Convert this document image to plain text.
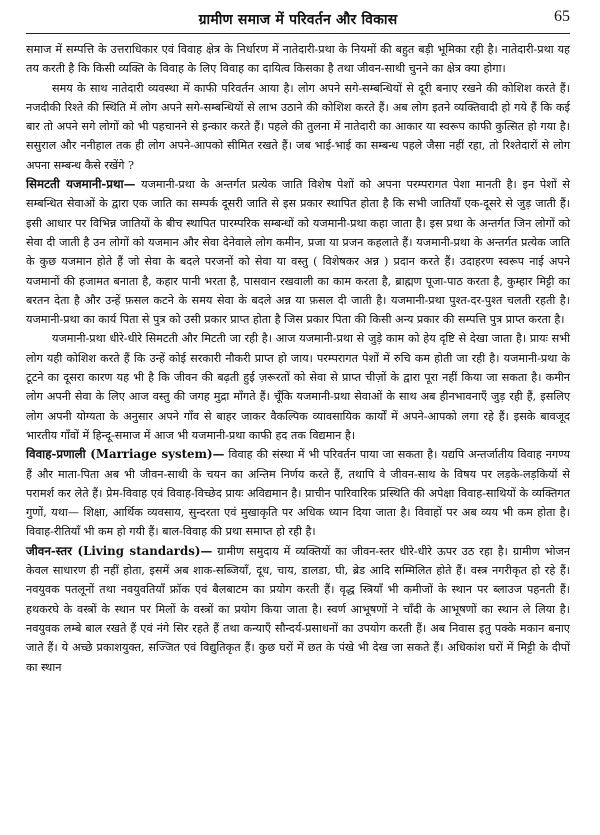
ग्रामीण समाज में परिवर्तन और विकास	65

समाज में सम्पत्ति के उत्तराधिकार एवं विवाह क्षेत्र के निर्धारण में नातेदारी-प्रथा के नियमों की बहुत बड़ी भूमिका रही है। नातेदारी-प्रथा यह तय करती है कि किसी व्यक्ति के विवाह के लिए विवाह का दायित्व किसका है तथा जीवन-साथी चुनने का क्षेत्र क्या होगा।

समय के साथ नातेदारी व्यवस्था में काफी परिवर्तन आया है। लोग अपने सगे-सम्बन्धियों से दूरी बनाए रखने की कोशिश करते हैं। नजदीकी रिश्ते की स्थिति में लोग अपने सगे-सम्बन्धियों से लाभ उठाने की कोशिश करते हैं। अब लोग इतने व्यक्तिवादी हो गये हैं कि कई बार तो अपने सगे लोगों को भी पहचानने से इन्कार करते हैं। पहले की तुलना में नातेदारी का आकार या स्वरूप काफी कुत्सित हो गया है। ससुराल और ननीहाल तक ही लोग अपने-आपको सीमित रखते हैं। जब भाई-भाई का सम्बन्ध पहले जैसा नहीं रहा, तो रिश्तेदारों से लोग अपना सम्बन्ध कैसे रखेंगे ?

सिमटती यजमानी-प्रथा— यजमानी-प्रथा के अन्तर्गत प्रत्येक जाति विशेष पेशों को अपना परम्परागत पेशा मानती है। इन पेशों से सम्बन्धित सेवाओं के द्वारा एक जाति का सम्पर्क दूसरी जाति से इस प्रकार स्थापित होता है कि सभी जातियाँ एक-दूसरे से जुड़ जाती हैं। इसी आधार पर विभिन्न जातियों के बीच स्थापित पारम्परिक सम्बन्धों को यजमानी-प्रथा कहा जाता है। इस प्रथा के अन्तर्गत जिन लोगों को सेवा दी जाती है उन लोगों को यजमान और सेवा देनेवाले लोग कमीन, प्रजा या प्रजन कहलाते हैं। यजमानी-प्रथा के अन्तर्गत प्रत्येक जाति के कुछ यजमान होते हैं जो सेवा के बदले परजनों को सेवा या वस्तु ( विशेषकर अन्न ) प्रदान करते हैं। उदाहरण स्वरूप नाई अपने यजमानों की हजामत बनाता है, कहार पानी भरता है, पासवान रखवाली का काम करता है, ब्राह्मण पूजा-पाठ करता है, कुम्हार मिट्टी का बरतन देता है और उन्हें फ़सल कटने के समय सेवा के बदले अन्न या फ़सल दी जाती है। यजमानी-प्रथा पुश्त-दर-पुश्त चलती रहती है। यजमानी-प्रथा का कार्य पिता से पुत्र को उसी प्रकार प्राप्त होता है जिस प्रकार पिता की किसी अन्य प्रकार की सम्पत्ति पुत्र प्राप्त करता है।

यजमानी-प्रथा धीरे-धीरे सिमटती और मिटती जा रही है। आज यजमानी-प्रथा से जुड़े काम को हेय दृष्टि से देखा जाता है। प्रायः सभी लोग यही कोशिश करते हैं कि उन्हें कोई सरकारी नौकरी प्राप्त हो जाय। परम्परागत पेशों में रुचि कम होती जा रही है। यजमानी-प्रथा के टूटने का दूसरा कारण यह भी है कि जीवन की बढ़ती हुई ज़रूरतों को सेवा से प्राप्त चीज़ों के द्वारा पूरा नहीं किया जा सकता है। कमीन लोग अपनी सेवा के लिए आज वस्तु की जगह मुद्रा माँगते हैं। चूँकि यजमानी-प्रथा सेवाओं के साथ अब हीनभावनाएँ जुड़ रही हैं, इसलिए लोग अपनी योग्यता के अनुसार अपने गाँव से बाहर जाकर वैकल्पिक व्यावसायिक कार्यों में अपने-आपको लगा रहे हैं। इसके बावजूद भारतीय गाँवों में हिन्दू-समाज में आज भी यजमानी-प्रथा काफी हद तक विद्यमान है।

विवाह-प्रणाली (Marriage system)— विवाह की संस्था में भी परिवर्तन पाया जा सकता है। यद्यपि अन्तर्जातीय विवाह नगण्य हैं और माता-पिता अब भी जीवन-साथी के चयन का अन्तिम निर्णय करते हैं, तथापि वे जीवन-साथ के विषय पर लड़के-लड़कियों से परामर्श कर लेते हैं। प्रेम-विवाह एवं विवाह-विच्छेद प्रायः अविद्यमान है। प्राचीन पारिवारिक प्रस्थिति की अपेक्षा विवाह-साथियों के व्यक्तिगत गुणों, यथा— शिक्षा, आर्थिक व्यवसाय, सुन्दरता एवं मुखाकृति पर अधिक ध्यान दिया जाता है। विवाहों पर अब व्यय भी कम होता है। विवाह-रीतियाँ भी कम हो गयी हैं। बाल-विवाह की प्रथा समाप्त हो रही है।

जीवन-स्तर (Living standards)— ग्रामीण समुदाय में व्यक्तियों का जीवन-स्तर धीरे-धीरे ऊपर उठ रहा है। ग्रामीण भोजन केवल साधारण ही नहीं होता, इसमें अब शाक-सब्जियाँ, दूध, चाय, डालडा, घी, ब्रेड आदि सम्मिलित होते हैं। वस्त्र नगरीकृत हो रहे हैं। नवयुवक पतलूनों तथा नवयुवतियाँ फ्रॉक एवं बैलबाटम का प्रयोग करती हैं। वृद्ध स्त्रियाँ भी कमीजों के स्थान पर ब्लाउज पहनती हैं। हथकरघे के वस्त्रों के स्थान पर मिलों के वस्त्रों का प्रयोग किया जाता है। स्वर्ण आभूषणों ने चाँदी के आभूषणों का स्थान ले लिया है। नवयुवक लम्बे बाल रखते हैं एवं नंगे सिर रहते हैं तथा कन्याएँ सौन्दर्य-प्रसाधनों का उपयोग करती हैं। अब निवास इतु पक्के मकान बनाए जाते हैं। ये अच्छे प्रकाशयुक्त, सज्जित एवं विद्युतिकृत हैं। कुछ घरों में छत के पंखे भी देख जा सकते हैं। अधिकांश घरों में मिट्टी के दीपों का स्थान
